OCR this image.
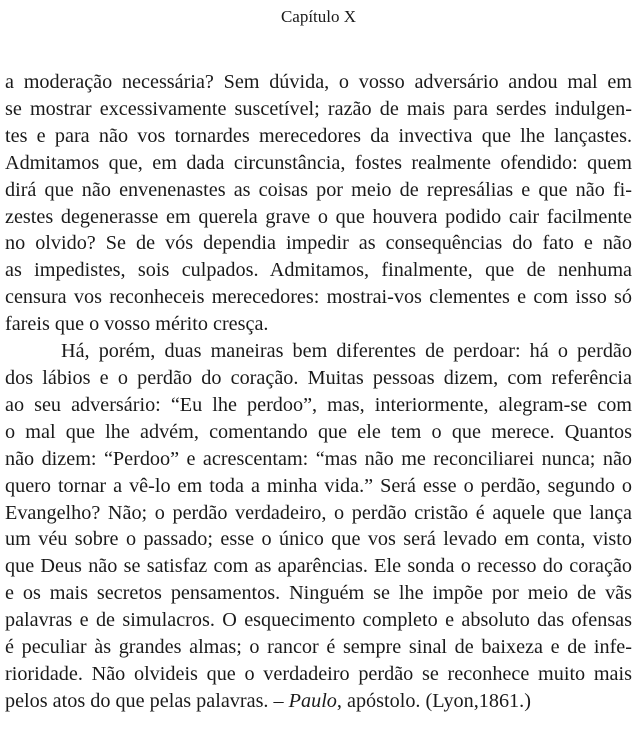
Capítulo X

a moderação necessária? Sem dúvida, o vosso adversário andou mal em
se mostrar excessivamente suscetível; razão de mais para serdes indulgen-
tes e para não vos tornardes merecedores da invectiva que lhe lançastes.
Admitamos que, em dada circunstância, fostes realmente ofendido: quem
dirá que não envenenastes as coisas por meio de represálias e que não fi-
zestes degenerasse em querela grave o que houvera podido cair facilmente
no olvido? Se de vós dependia impedir as consequências do fato e não
as impedistes, sois culpados. Admitamos, finalmente, que de nenhuma
censura vos reconheceis merecedores: mostrai-vos clementes e com isso só
fareis que o vosso mérito cresça.

Há, porém, duas maneiras bem diferentes de perdoar: há o perdão
dos lábios e o perdão do coração. Muitas pessoas dizem, com referência
ao seu adversário: “Eu lhe perdoo”, mas, interiormente, alegram-se com
o mal que lhe advém, comentando que ele tem o que merece. Quantos
não dizem: “Perdoo” e acrescentam: “mas não me reconciliarei nunca; não
quero tornar a vê-lo em toda a minha vida.” Será esse o perdão, segundo o
Evangelho? Não; o perdão verdadeiro, o perdão cristão é aquele que lança
um véu sobre o passado; esse o único que vos será levado em conta, visto
que Deus não se satisfaz com as aparências. Ele sonda o recesso do coração
e os mais secretos pensamentos. Ninguém se lhe impõe por meio de vãs
palavras e de simulacros. O esquecimento completo e absoluto das ofensas
é peculiar às grandes almas; o rancor é sempre sinal de baixeza e de infe-
rioridade. Não olvideis que o verdadeiro perdão se reconhece muito mais
pelos atos do que pelas palavras. – Paulo, apóstolo. (Lyon,1861.)
